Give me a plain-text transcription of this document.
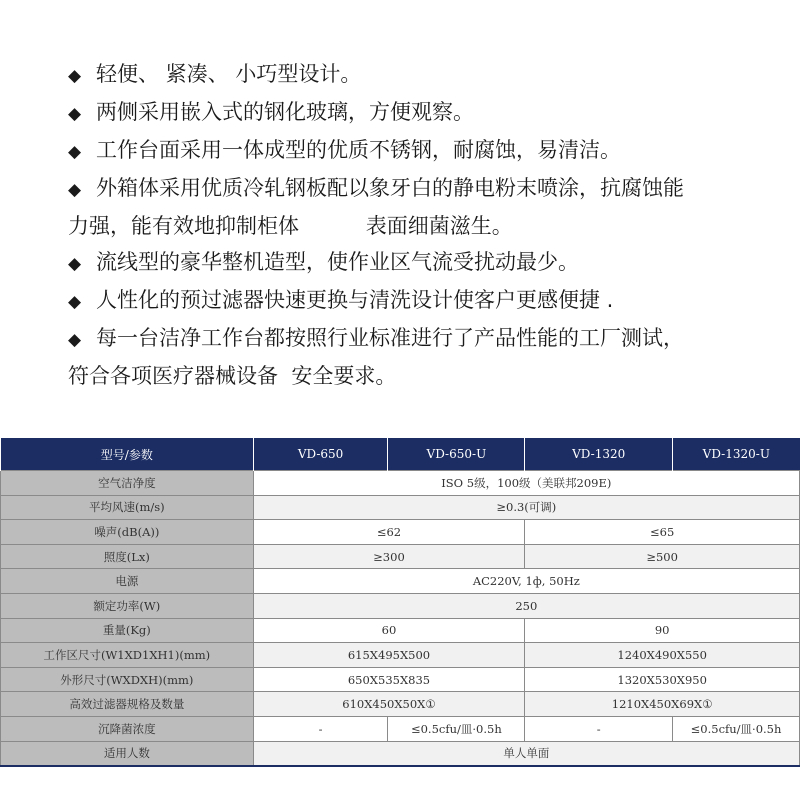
◆ 轻便、 紧凑、 小巧型设计。
◆ 两侧采用嵌入式的钢化玻璃，方便观察。
◆ 工作台面采用一体成型的优质不锈钢，耐腐蚀，易清洁。
◆ 外箱体采用优质冷轧钢板配以象牙白的静电粉末喷涂，抗腐蚀能
力强，能有效地抑制柜体          表面细菌滋生。
◆ 流线型的豪华整机造型，使作业区气流受扰动最少。
◆ 人性化的预过滤器快速更换与清洗设计使客户更感便捷 .
◆ 每一台洁净工作台都按照行业标准进行了产品性能的工厂测试，
符合各项医疗器械设备  安全要求。
型号/参数	VD-650	VD-650-U	VD-1320	VD-1320-U
空气洁净度	ISO 5级，100级（美联邦209E)			
平均风速(m/s)	≥0.3(可调)			
噪声(dB(A))	≤62		≤65	
照度(Lx)	≥300		≥500	
电源	AC220V, 1ф, 50Hz			
额定功率(W)	250			
重量(Kg)	60		90	
工作区尺寸(W1XD1XH1)(mm)	615X495X500		1240X490X550	
外形尺寸(WXDXH)(mm)	650X535X835		1320X530X950	
高效过滤器规格及数量	610X450X50X①		1210X450X69X①	
沉降菌浓度	-	≤0.5cfu/皿·0.5h	-	≤0.5cfu/皿·0.5h
适用人数	单人单面			
